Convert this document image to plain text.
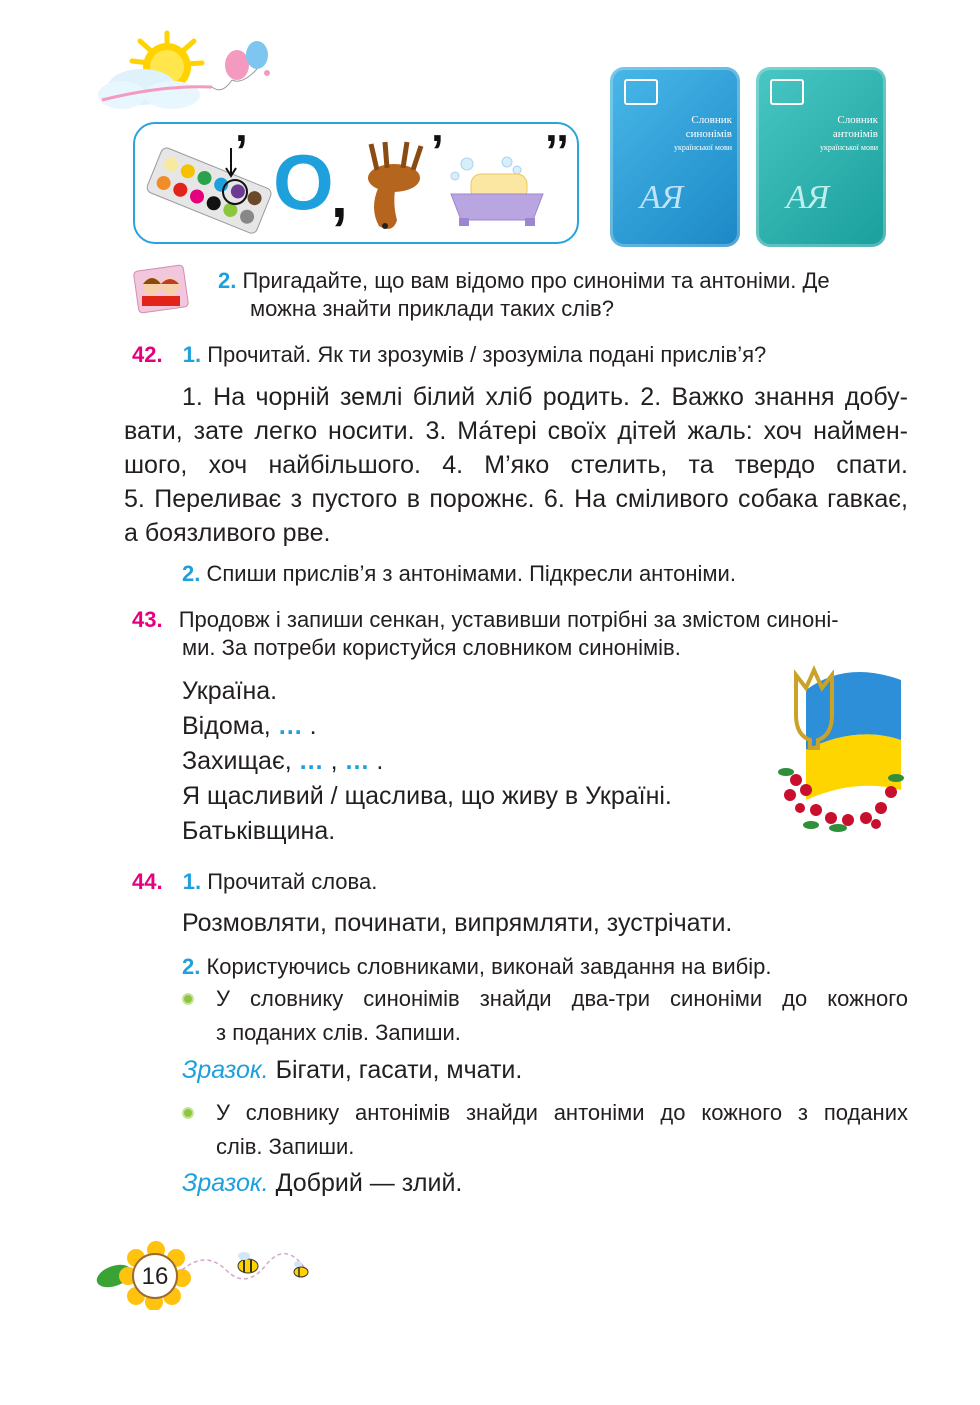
’ О
,
’ ’’
Словник
синонімів
української мови
АЯ
Словник
антонімів
української мови
АЯ
2. Пригадайте, що вам відомо про синоніми та антоніми. Де
можна знайти приклади таких слів?
42. 1. Прочитай. Як ти зрозумів / зрозуміла подані прислів’я?
1. На чорній землі білий хліб родить. 2. Важко знання добу-
вати, зате легко носити. 3. Ма́тері своїх дітей жаль: хоч наймен-
шого, хоч найбільшого. 4. М’яко стелить, та твердо спати.
5. Переливає з пустого в порожнє. 6. На сміливого собака гавкає,
а боязливого рве.
2. Спиши прислів’я з антонімами. Підкресли антоніми.
43. Продовж і запиши сенкан, уставивши потрібні за змістом синоні-
ми. За потреби користуйся словником синонімів.
Україна.
Відома, … .
Захищає, … , … .
Я щасливий / щаслива, що живу в Україні.
Батьківщина.
44. 1. Прочитай слова.
Розмовляти, починати, випрямляти, зустрічати.
2. Користуючись словниками, виконай завдання на вибір.
У словнику синонімів знайди два-три синоніми до кожного
з поданих слів. Запиши.
Зразок. Бігати, гасати, мчати.
У словнику антонімів знайди антоніми до кожного з поданих
слів. Запиши.
Зразок. Добрий — злий.
16
